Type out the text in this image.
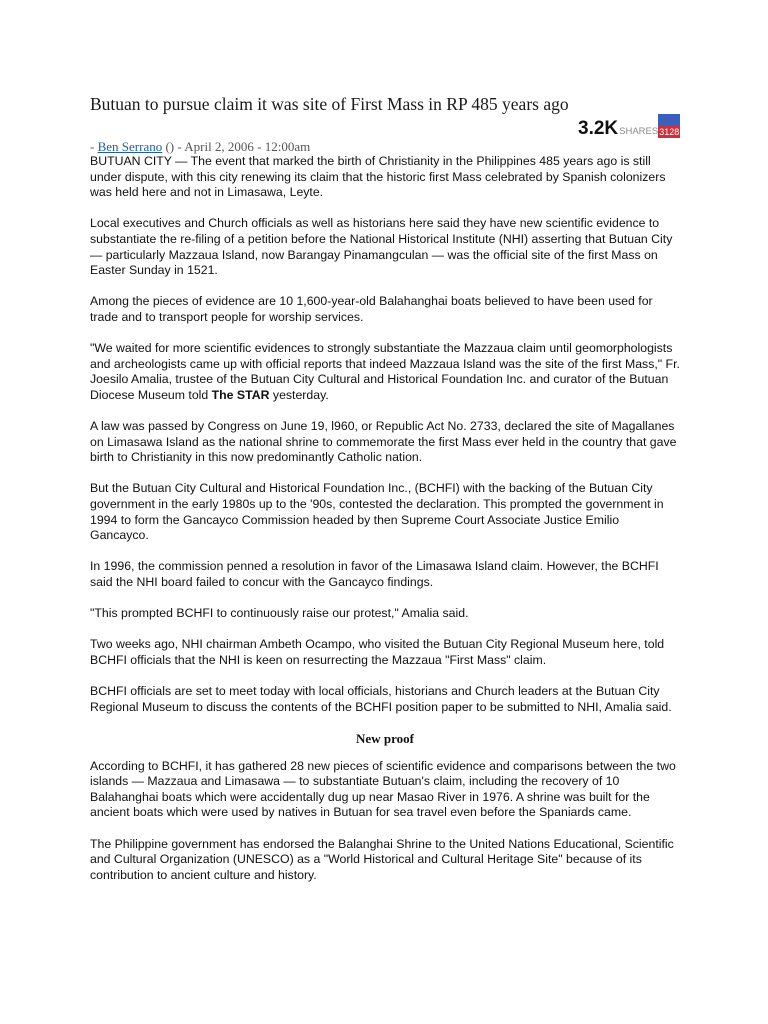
Butuan to pursue claim it was site of First Mass in RP 485 years ago
3.2K SHARES 3128
- Ben Serrano () - April 2, 2006 - 12:00am

BUTUAN CITY — The event that marked the birth of Christianity in the Philippines 485 years ago is still under dispute, with this city renewing its claim that the historic first Mass celebrated by Spanish colonizers was held here and not in Limasawa, Leyte.

Local executives and Church officials as well as historians here said they have new scientific evidence to substantiate the re-filing of a petition before the National Historical Institute (NHI) asserting that Butuan City — particularly Mazzaua Island, now Barangay Pinamangculan — was the official site of the first Mass on Easter Sunday in 1521.

Among the pieces of evidence are 10 1,600-year-old Balahanghai boats believed to have been used for trade and to transport people for worship services.

"We waited for more scientific evidences to strongly substantiate the Mazzaua claim until geomorphologists and archeologists came up with official reports that indeed Mazzaua Island was the site of the first Mass," Fr. Joesilo Amalia, trustee of the Butuan City Cultural and Historical Foundation Inc. and curator of the Butuan Diocese Museum told The STAR yesterday.

A law was passed by Congress on June 19, l960, or Republic Act No. 2733, declared the site of Magallanes on Limasawa Island as the national shrine to commemorate the first Mass ever held in the country that gave birth to Christianity in this now predominantly Catholic nation.

But the Butuan City Cultural and Historical Foundation Inc., (BCHFI) with the backing of the Butuan City government in the early 1980s up to the '90s, contested the declaration. This prompted the government in 1994 to form the Gancayco Commission headed by then Supreme Court Associate Justice Emilio Gancayco.

In 1996, the commission penned a resolution in favor of the Limasawa Island claim. However, the BCHFI said the NHI board failed to concur with the Gancayco findings.

"This prompted BCHFI to continuously raise our protest," Amalia said.

Two weeks ago, NHI chairman Ambeth Ocampo, who visited the Butuan City Regional Museum here, told BCHFI officials that the NHI is keen on resurrecting the Mazzaua "First Mass" claim.

BCHFI officials are set to meet today with local officials, historians and Church leaders at the Butuan City Regional Museum to discuss the contents of the BCHFI position paper to be submitted to NHI, Amalia said.

New proof

According to BCHFI, it has gathered 28 new pieces of scientific evidence and comparisons between the two islands — Mazzaua and Limasawa — to substantiate Butuan's claim, including the recovery of 10 Balahanghai boats which were accidentally dug up near Masao River in 1976. A shrine was built for the ancient boats which were used by natives in Butuan for sea travel even before the Spaniards came.

The Philippine government has endorsed the Balanghai Shrine to the United Nations Educational, Scientific and Cultural Organization (UNESCO) as a "World Historical and Cultural Heritage Site" because of its contribution to ancient culture and history.
